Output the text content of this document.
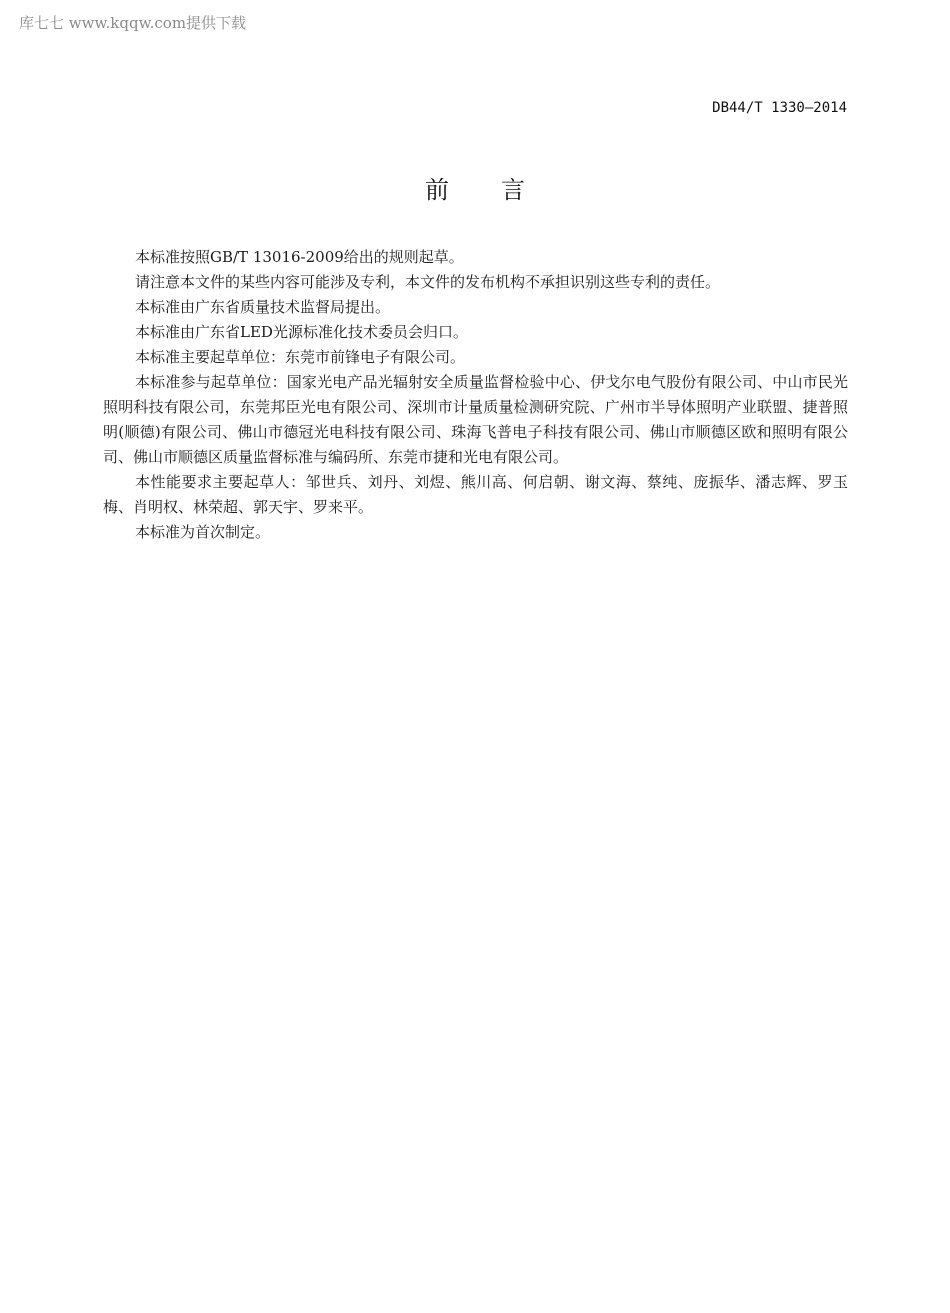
库七七 www.kqqw.com提供下载
DB44/T 1330—2014
前言

本标准按照GB/T 13016-2009给出的规则起草。

请注意本文件的某些内容可能涉及专利，本文件的发布机构不承担识别这些专利的责任。

本标准由广东省质量技术监督局提出。

本标准由广东省LED光源标准化技术委员会归口。

本标准主要起草单位：东莞市前锋电子有限公司。

本标准参与起草单位：国家光电产品光辐射安全质量监督检验中心、伊戈尔电气股份有限公司、中山市民光照明科技有限公司，东莞邦臣光电有限公司、深圳市计量质量检测研究院、广州市半导体照明产业联盟、捷普照明(顺德)有限公司、佛山市德冠光电科技有限公司、珠海飞普电子科技有限公司、佛山市顺德区欧和照明有限公司、佛山市顺德区质量监督标准与编码所、东莞市捷和光电有限公司。

本性能要求主要起草人：邹世兵、刘丹、刘煜、熊川高、何启朝、谢文海、蔡纯、庞振华、潘志辉、罗玉梅、肖明权、林荣超、郭天宇、罗来平。

本标准为首次制定。
